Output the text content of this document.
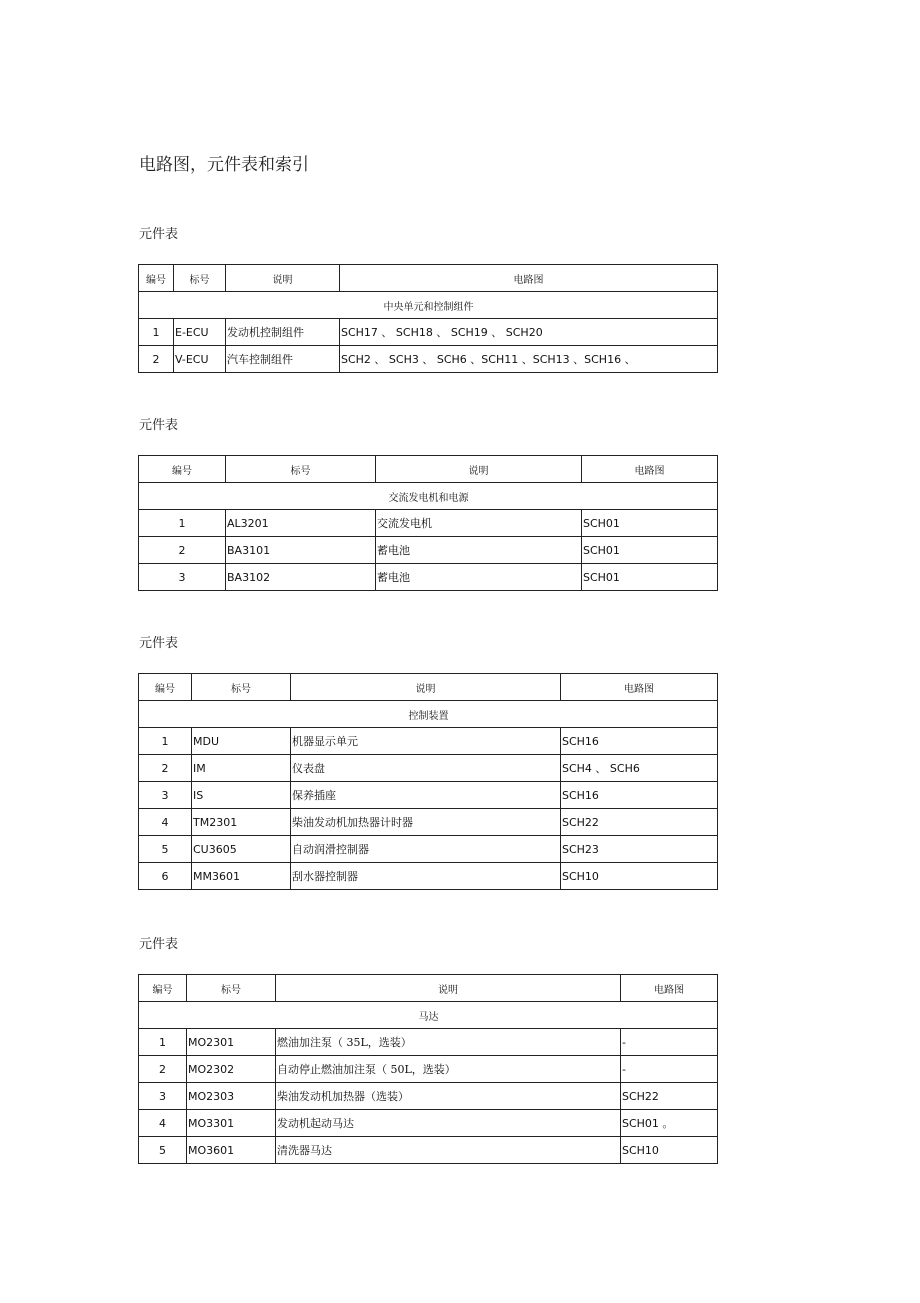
电路图，元件表和索引
元件表
编号	标号	说明	电路图
中央单元和控制组件			
1	E-ECU	发动机控制组件	SCH17 、 SCH18 、 SCH19 、 SCH20
2	V-ECU	汽车控制组件	SCH2 、 SCH3 、 SCH6 、SCH11 、SCH13 、SCH16 、
元件表
编号	标号	说明	电路图
交流发电机和电源			
1	AL3201	交流发电机	SCH01
2	BA3101	蓄电池	SCH01
3	BA3102	蓄电池	SCH01
元件表
编号	标号	说明	电路图
控制装置			
1	MDU	机器显示单元	SCH16
2	IM	仪表盘	SCH4 、 SCH6
3	IS	保养插座	SCH16
4	TM2301	柴油发动机加热器计时器	SCH22
5	CU3605	自动润滑控制器	SCH23
6	MM3601	刮水器控制器	SCH10
元件表
编号	标号	说明	电路图
马达			
1	MO2301	燃油加注泵（ 35L，选装）	-
2	MO2302	自动停止燃油加注泵（ 50L，选装）	-
3	MO2303	柴油发动机加热器（选装）	SCH22
4	MO3301	发动机起动马达	SCH01 。
5	MO3601	清洗器马达	SCH10
